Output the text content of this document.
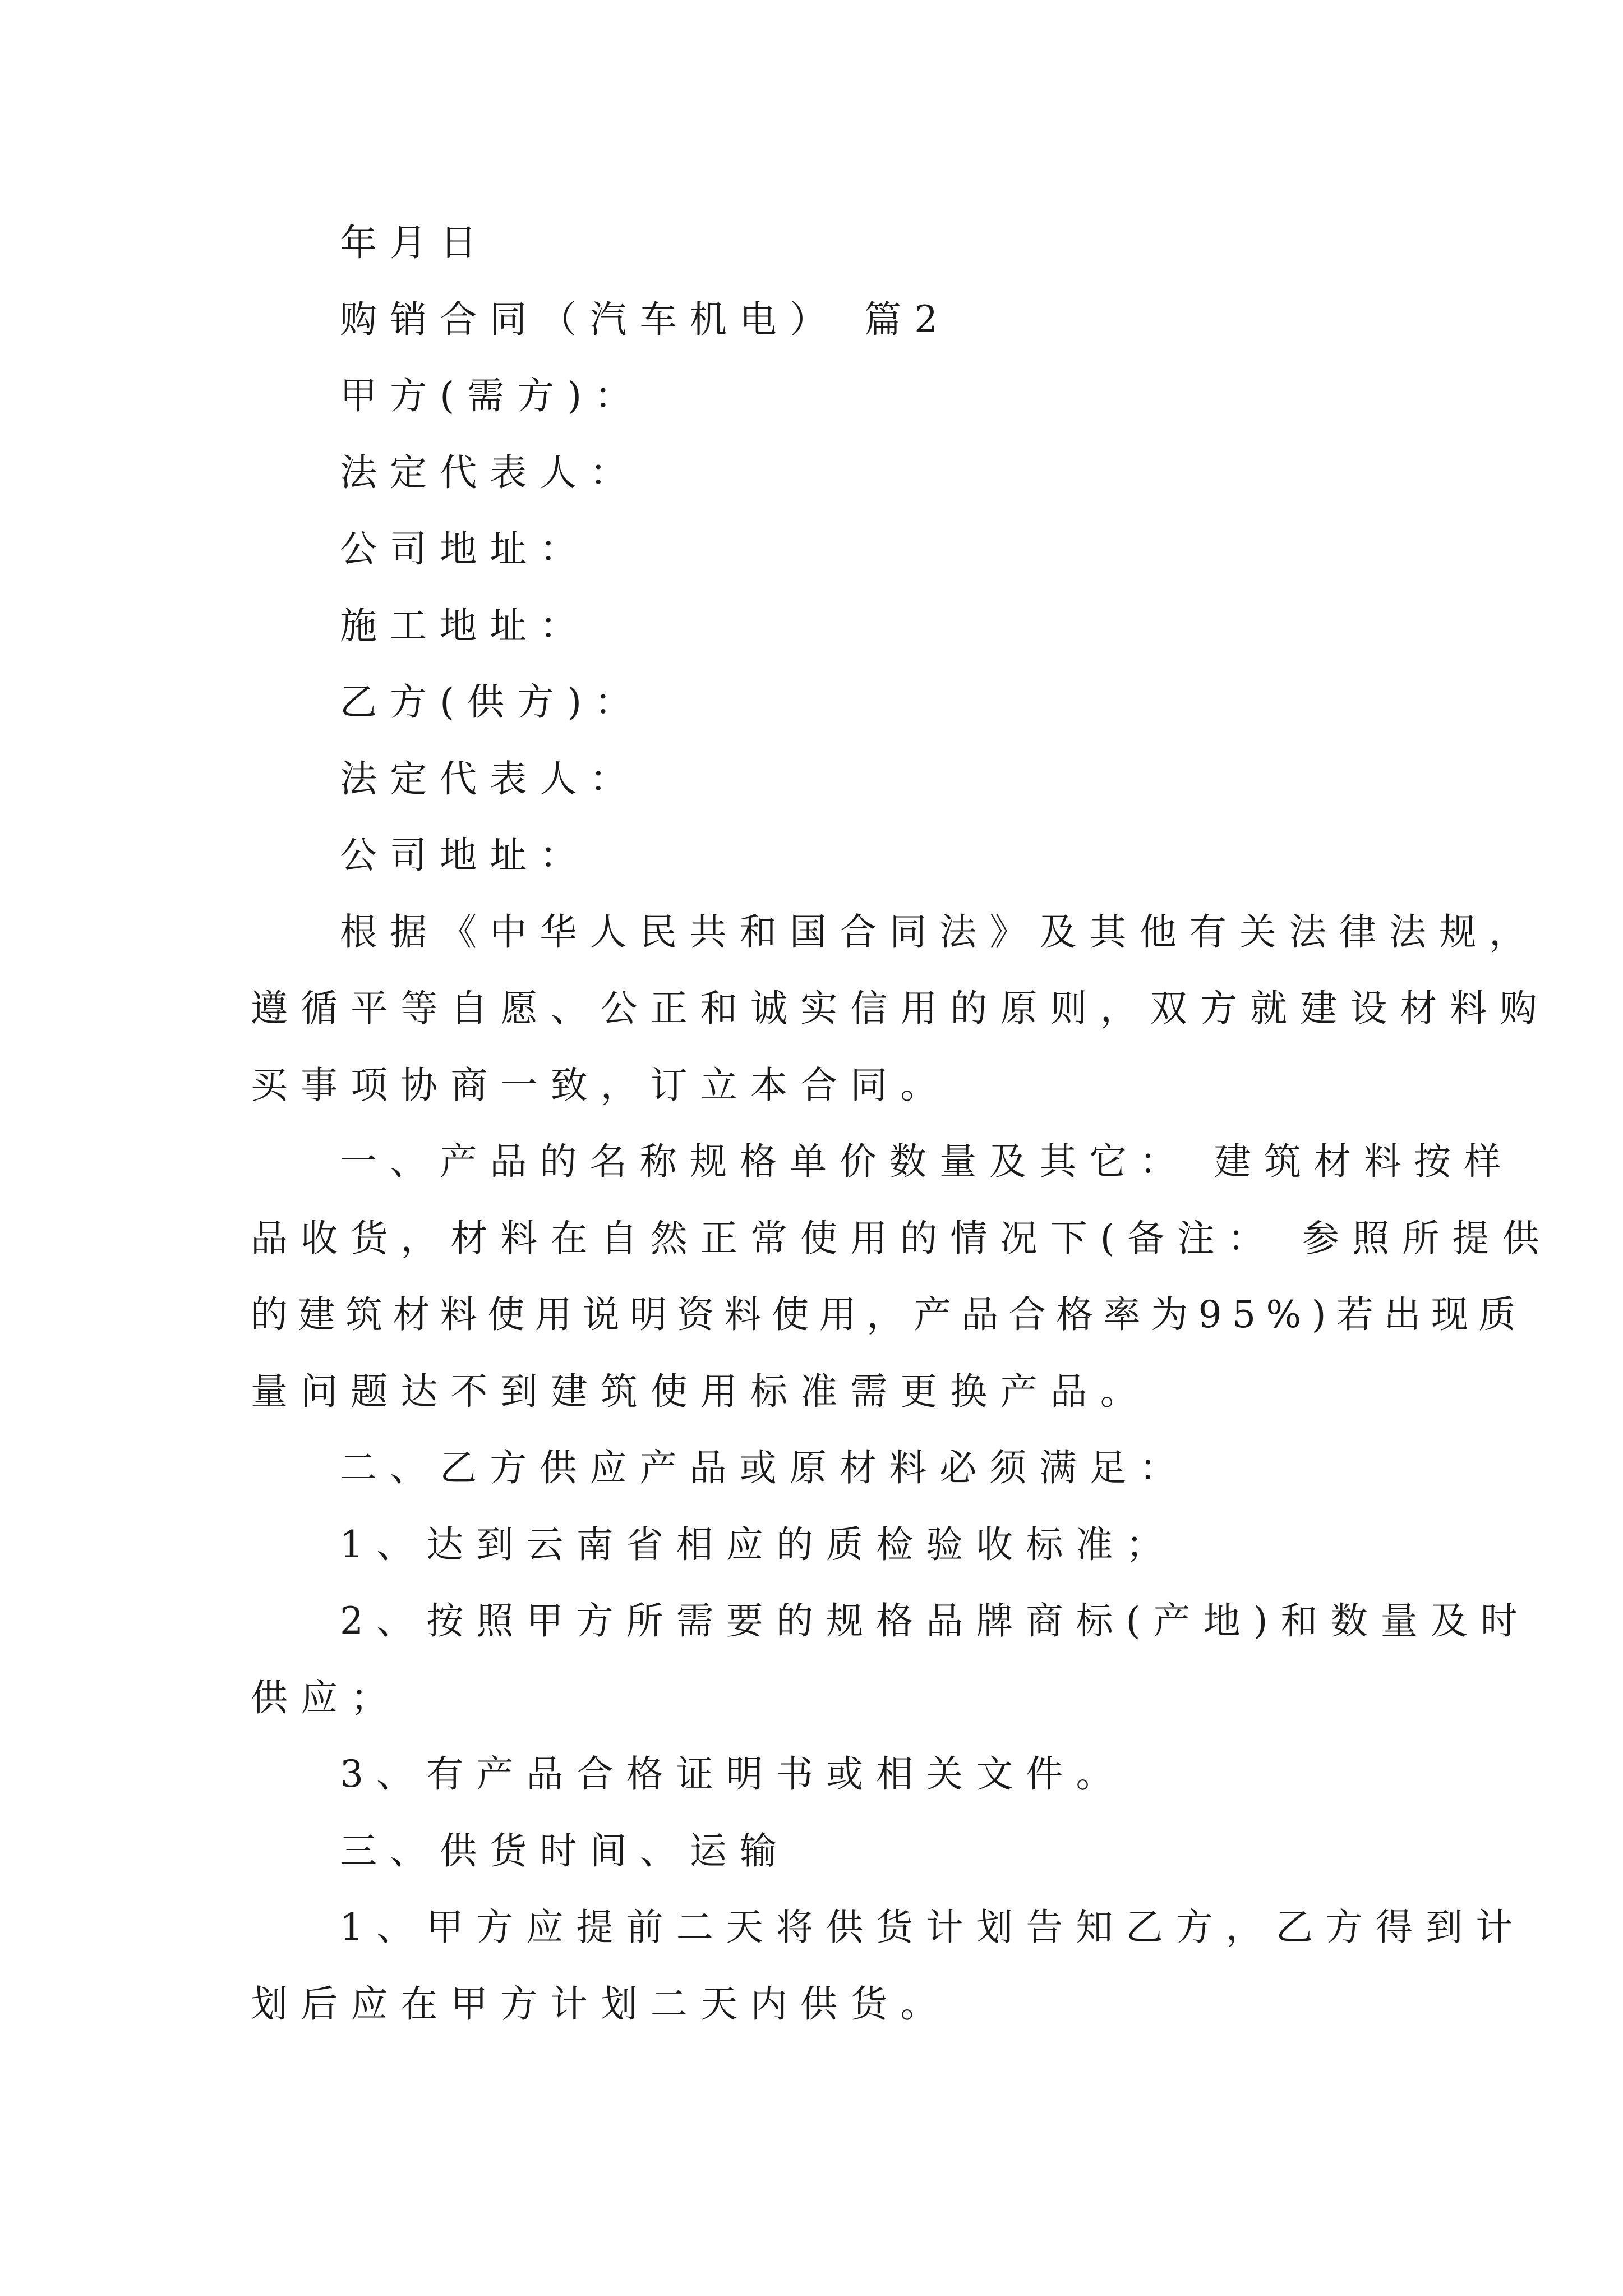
年月日
购销合同（汽车机电） 篇2
甲方(需方)：
法定代表人：
公司地址：
施工地址：
乙方(供方)：
法定代表人：
公司地址：
根据《中华人民共和国合同法》及其他有关法律法规，
遵循平等自愿、公正和诚实信用的原则，双方就建设材料购
买事项协商一致，订立本合同。
一、产品的名称规格单价数量及其它： 建筑材料按样
品收货，材料在自然正常使用的情况下(备注： 参照所提供
的建筑材料使用说明资料使用，产品合格率为95%)若出现质
量问题达不到建筑使用标准需更换产品。
二、乙方供应产品或原材料必须满足：
1、达到云南省相应的质检验收标准；
2、按照甲方所需要的规格品牌商标(产地)和数量及时
供应；
3、有产品合格证明书或相关文件。
三、供货时间、运输
1、甲方应提前二天将供货计划告知乙方，乙方得到计
划后应在甲方计划二天内供货。
